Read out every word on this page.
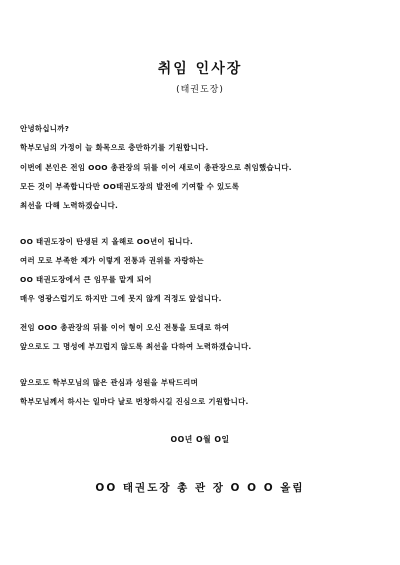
취임 인사장
(태권도장)
안녕하십니까?
학부모님의 가정이 늘 화목으로 충만하기를 기원합니다.
이번에 본인은 전임 OOO 총관장의 뒤를 이어 새로이 총관장으로 취임했습니다.
모든 것이 부족합니다만 OO태권도장의 발전에 기여할 수 있도록
최선을 다해 노력하겠습니다.
OO 태권도장이 탄생된 지 올해로 OO년이 됩니다.
여러 모로 부족한 제가 이렇게 전통과 권위를 자랑하는
OO 태권도장에서 큰 임무를 맡게 되어
매우 영광스럽기도 하지만 그에 못지 않게 걱정도 앞섭니다.
전임 OOO 총관장의 뒤를 이어 형이 오신 전통을 토대로 하여
앞으로도 그 명성에 부끄럽지 않도록 최선을 다하여 노력하겠습니다.
앞으로도 학부모님의 많은 관심과 성원을 부탁드리며
학부모님께서 하시는 일마다 날로 번창하시길 진심으로 기원합니다.
OO년 O월 O일
OO 태권도장 총 관 장 O O O 올림
